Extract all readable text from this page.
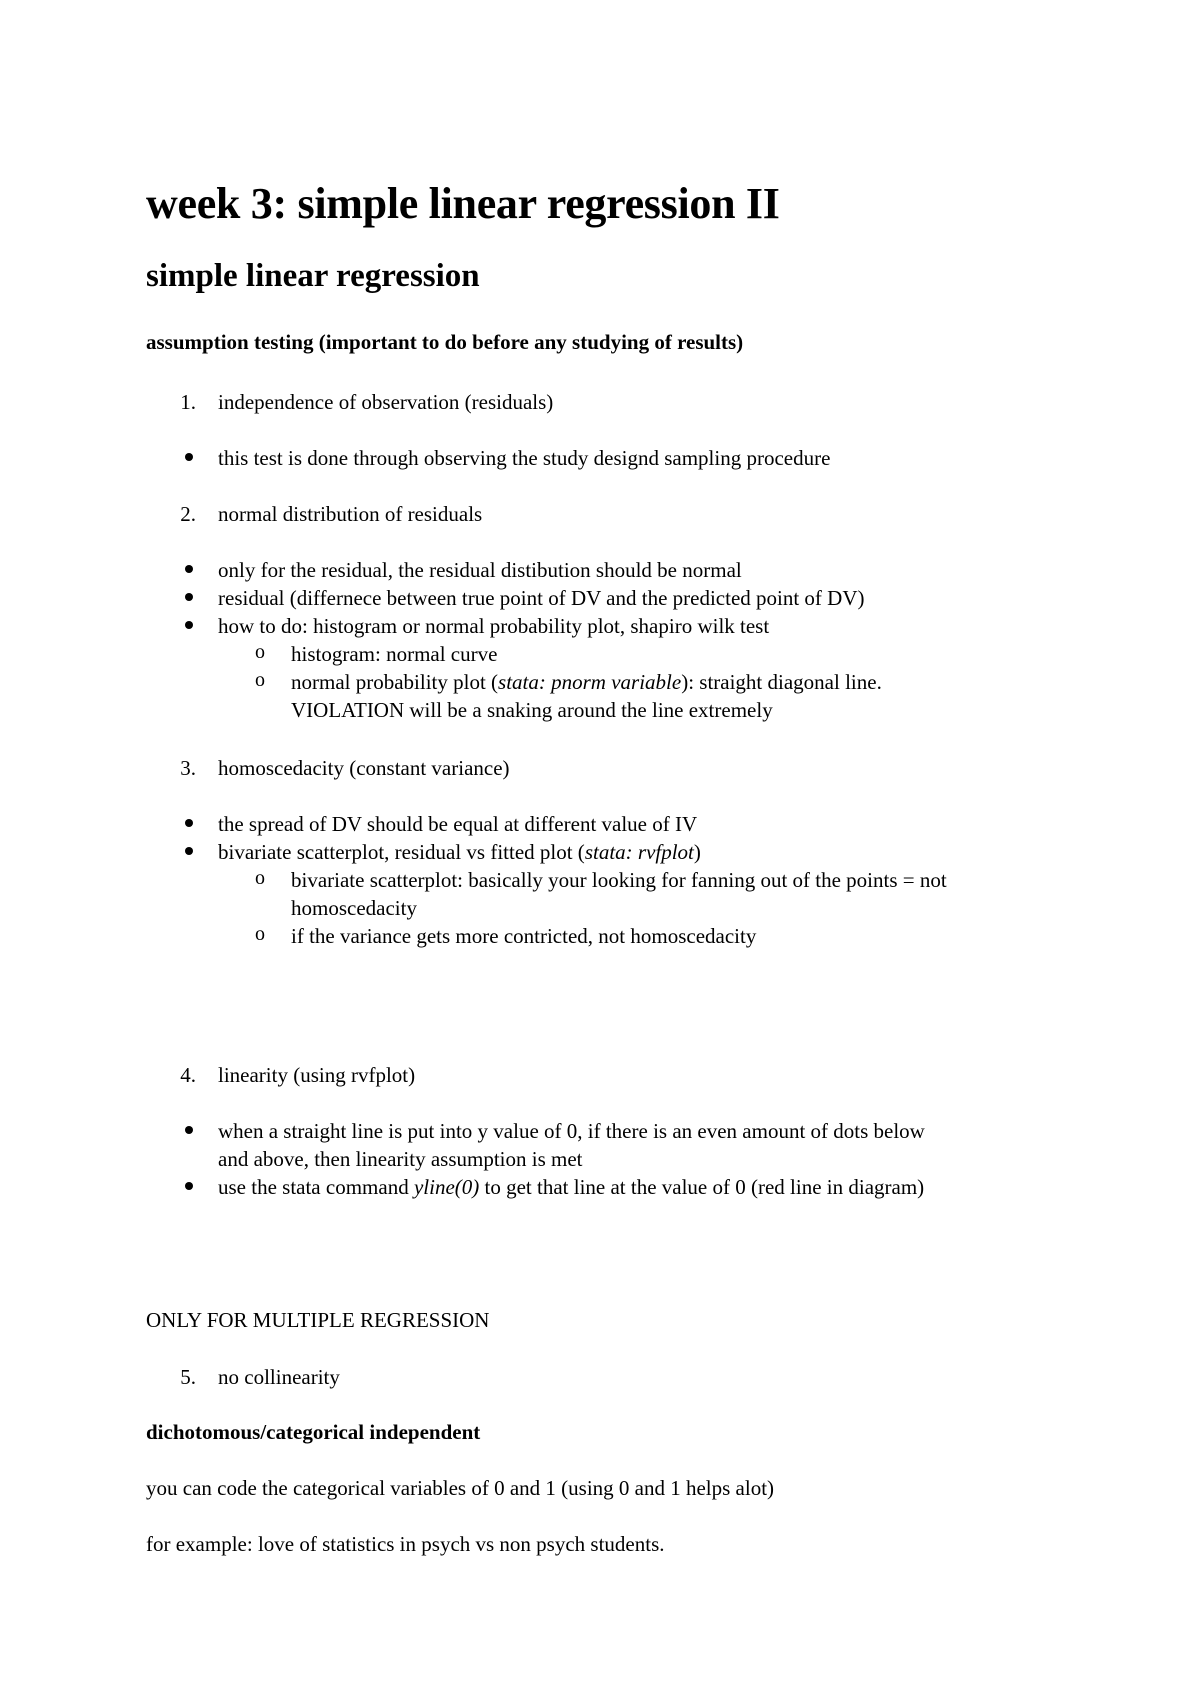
week 3: simple linear regression II
simple linear regression
assumption testing (important to do before any studying of results)
1. independence of observation (residuals)
this test is done through observing the study designd sampling procedure
2. normal distribution of residuals
only for the residual, the residual distibution should be normal
residual (differnece between true point of DV and the predicted point of DV)
how to do: histogram or normal probability plot, shapiro wilk test
o histogram: normal curve
o normal probability plot (stata: pnorm variable): straight diagonal line.
VIOLATION will be a snaking around the line extremely
3. homoscedacity (constant variance)
the spread of DV should be equal at different value of IV
bivariate scatterplot, residual vs fitted plot (stata: rvfplot)
o bivariate scatterplot: basically your looking for fanning out of the points = not
homoscedacity
o if the variance gets more contricted, not homoscedacity
4. linearity (using rvfplot)
when a straight line is put into y value of 0, if there is an even amount of dots below
and above, then linearity assumption is met
use the stata command yline(0) to get that line at the value of 0 (red line in diagram)
ONLY FOR MULTIPLE REGRESSION
5. no collinearity
dichotomous/categorical independent
you can code the categorical variables of 0 and 1 (using 0 and 1 helps alot)
for example: love of statistics in psych vs non psych students.
